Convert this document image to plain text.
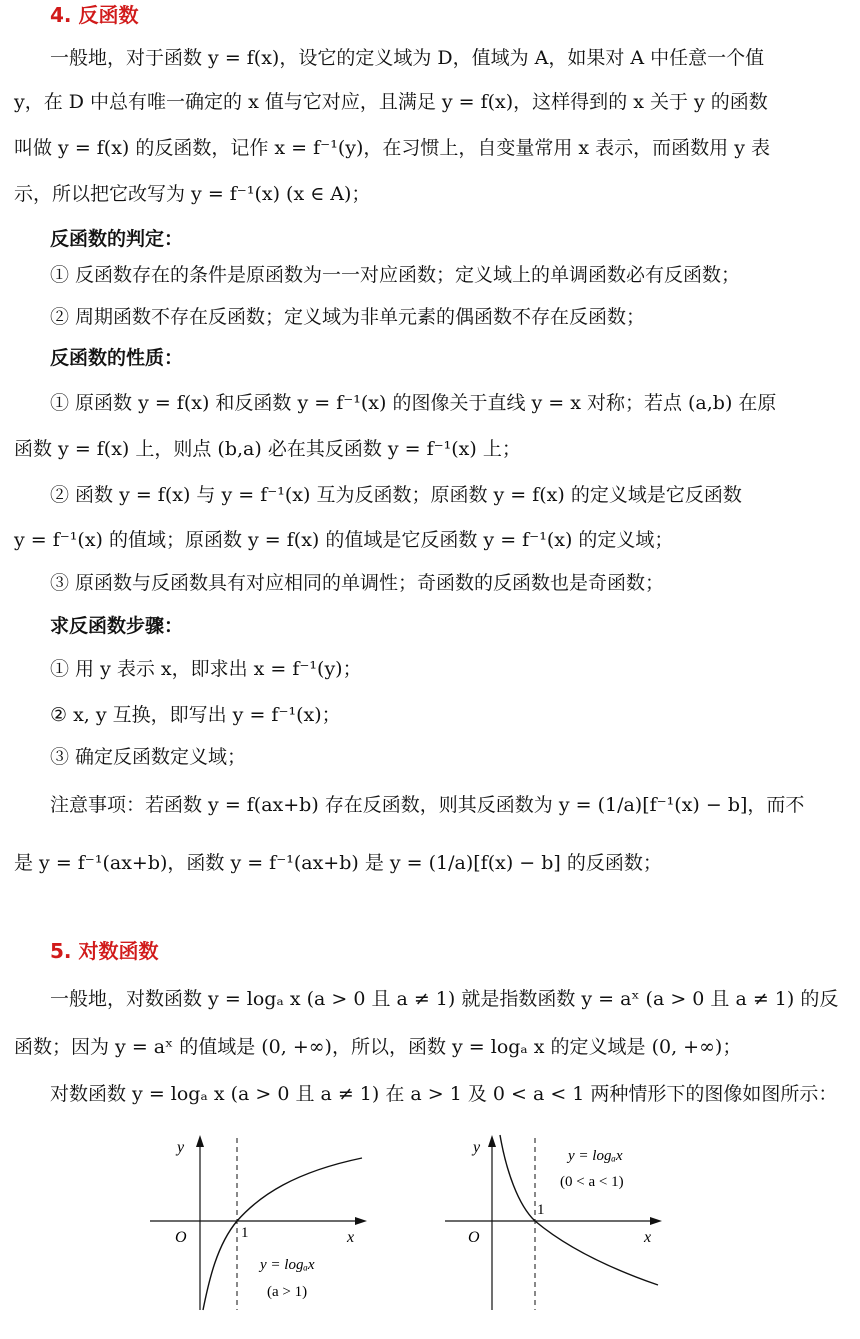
4. 反函数
一般地，对于函数 y = f(x)，设它的定义域为 D，值域为 A，如果对 A 中任意一个值
y，在 D 中总有唯一确定的 x 值与它对应，且满足 y = f(x)，这样得到的 x 关于 y 的函数
叫做 y = f(x) 的反函数，记作 x = f⁻¹(y)，在习惯上，自变量常用 x 表示，而函数用 y 表
示，所以把它改写为 y = f⁻¹(x) (x ∈ A)；
反函数的判定：
① 反函数存在的条件是原函数为一一对应函数；定义域上的单调函数必有反函数；
② 周期函数不存在反函数；定义域为非单元素的偶函数不存在反函数；
反函数的性质：
① 原函数 y = f(x) 和反函数 y = f⁻¹(x) 的图像关于直线 y = x 对称；若点 (a,b) 在原
函数 y = f(x) 上，则点 (b,a) 必在其反函数 y = f⁻¹(x) 上；
② 函数 y = f(x) 与 y = f⁻¹(x) 互为反函数；原函数 y = f(x) 的定义域是它反函数
y = f⁻¹(x) 的值域；原函数 y = f(x) 的值域是它反函数 y = f⁻¹(x) 的定义域；
③ 原函数与反函数具有对应相同的单调性；奇函数的反函数也是奇函数；
求反函数步骤：
① 用 y 表示 x，即求出 x = f⁻¹(y)；
② x, y 互换，即写出 y = f⁻¹(x)；
③ 确定反函数定义域；
注意事项：若函数 y = f(ax+b) 存在反函数，则其反函数为 y = (1/a)[f⁻¹(x) − b]，而不
是 y = f⁻¹(ax+b)，函数 y = f⁻¹(ax+b) 是 y = (1/a)[f(x) − b] 的反函数；
5. 对数函数
一般地，对数函数 y = logₐ x (a > 0 且 a ≠ 1) 就是指数函数 y = aˣ (a > 0 且 a ≠ 1) 的反
函数；因为 y = aˣ 的值域是 (0, +∞)，所以，函数 y = logₐ x 的定义域是 (0, +∞)；
对数函数 y = logₐ x (a > 0 且 a ≠ 1) 在 a > 1 及 0 < a < 1 两种情形下的图像如图所示：
y
x
O	1
y = logₐx
(a > 1)
y
x
O
1
y = logₐx
(0 < a < 1)
